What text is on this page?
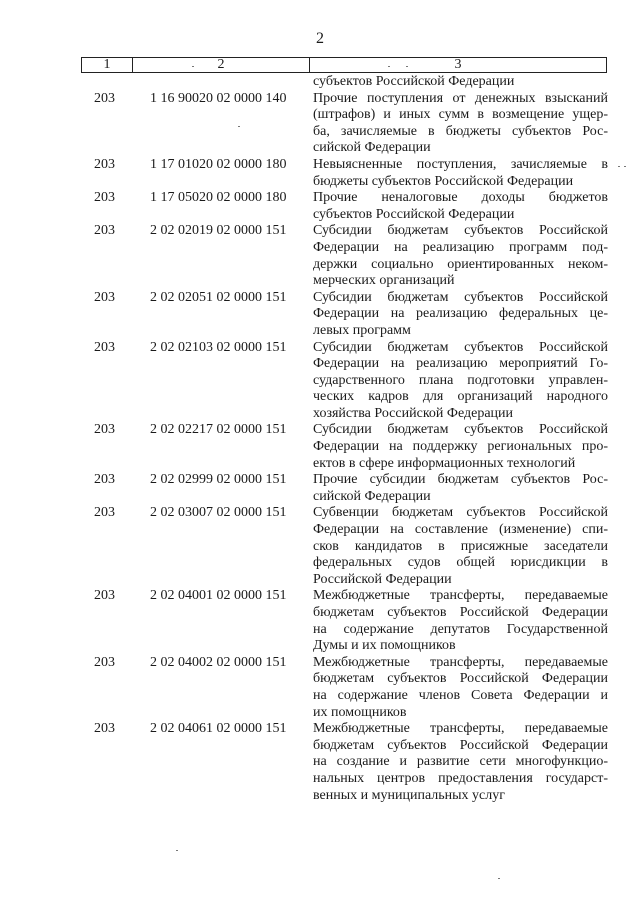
2
1	2	3
субъектов Российской Федерации
203	1 16 90020 02 0000 140	Прочие поступления от денежных взысканий
(штрафов) и иных сумм в возмещение ущер-
ба, зачисляемые в бюджеты субъектов Рос-
сийской Федерации
203	1 17 01020 02 0000 180	Невыясненные поступления, зачисляемые в
бюджеты субъектов Российской Федерации
203	1 17 05020 02 0000 180	Прочие неналоговые доходы бюджетов
субъектов Российской Федерации
203	2 02 02019 02 0000 151	Субсидии бюджетам субъектов Российской
Федерации на реализацию программ под-
держки социально ориентированных неком-
мерческих организаций
203	2 02 02051 02 0000 151	Субсидии бюджетам субъектов Российской
Федерации на реализацию федеральных це-
левых программ
203	2 02 02103 02 0000 151	Субсидии бюджетам субъектов Российской
Федерации на реализацию мероприятий Го-
сударственного плана подготовки управлен-
ческих кадров для организаций народного
хозяйства Российской Федерации
203	2 02 02217 02 0000 151	Субсидии бюджетам субъектов Российской
Федерации на поддержку региональных про-
ектов в сфере информационных технологий
203	2 02 02999 02 0000 151	Прочие субсидии бюджетам субъектов Рос-
сийской Федерации
203	2 02 03007 02 0000 151	Субвенции бюджетам субъектов Российской
Федерации на составление (изменение) спи-
сков кандидатов в присяжные заседатели
федеральных судов общей юрисдикции в
Российской Федерации
203	2 02 04001 02 0000 151	Межбюджетные трансферты, передаваемые
бюджетам субъектов Российской Федерации
на содержание депутатов Государственной
Думы и их помощников
203	2 02 04002 02 0000 151	Межбюджетные трансферты, передаваемые
бюджетам субъектов Российской Федерации
на содержание членов Совета Федерации и
их помощников
203	2 02 04061 02 0000 151	Межбюджетные трансферты, передаваемые
бюджетам субъектов Российской Федерации
на создание и развитие сети многофункцио-
нальных центров предоставления государст-
венных и муниципальных услуг
